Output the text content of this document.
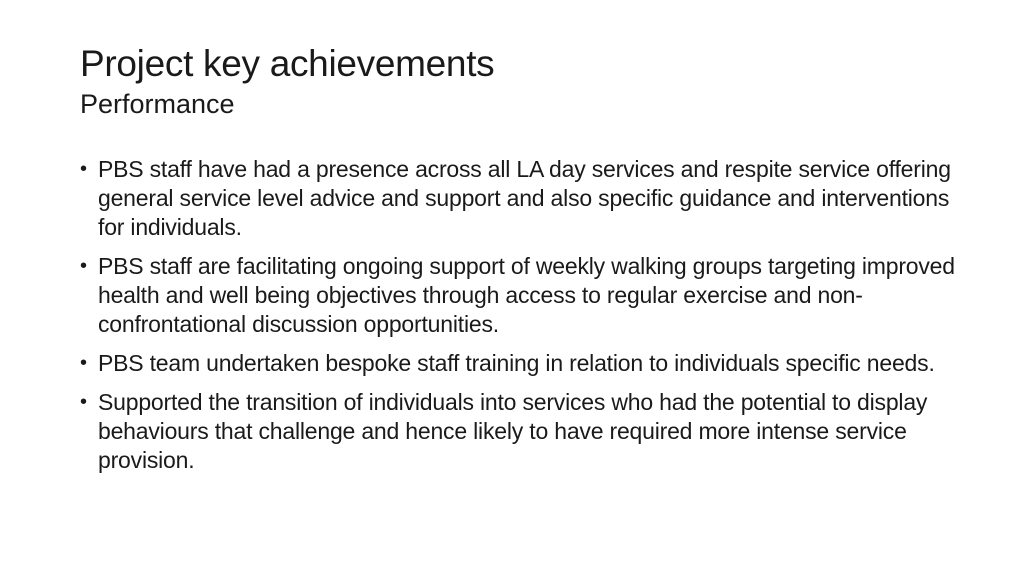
Project key achievements

Performance

• PBS staff have had a presence across all LA day services and respite service offering general service level advice and support and also specific guidance and interventions for individuals.
• PBS staff are facilitating ongoing support of weekly walking groups targeting improved health and well being objectives through access to regular exercise and non-confrontational discussion opportunities.
• PBS team undertaken bespoke staff training in relation to individuals specific needs.
• Supported the transition of individuals into services who had the potential to display behaviours that challenge and hence likely to have required more intense service provision.
